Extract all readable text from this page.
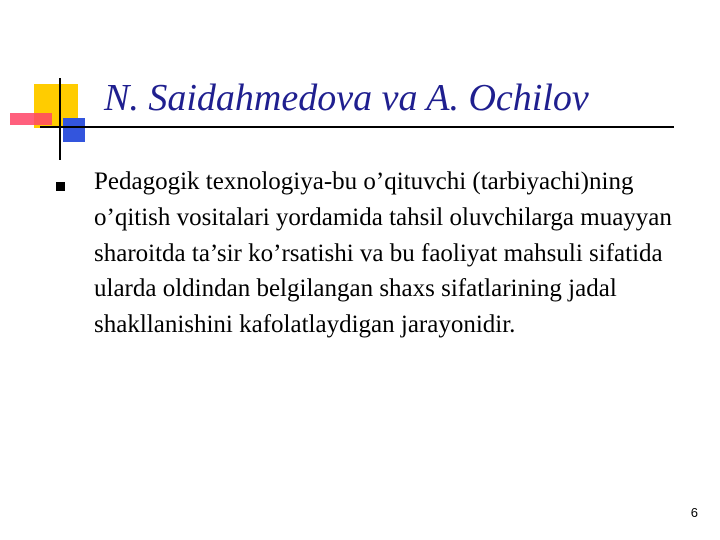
N. Saidahmedova va A. Ochilov

Pedagogik texnologiya-bu o’qituvchi (tarbiyachi)ning o’qitish vositalari yordamida tahsil oluvchilarga muayyan sharoitda ta’sir ko’rsatishi va bu faoliyat mahsuli sifatida ularda oldindan belgilangan shaxs sifatlarining jadal shakllanishini kafolatlaydigan jarayonidir.

6
